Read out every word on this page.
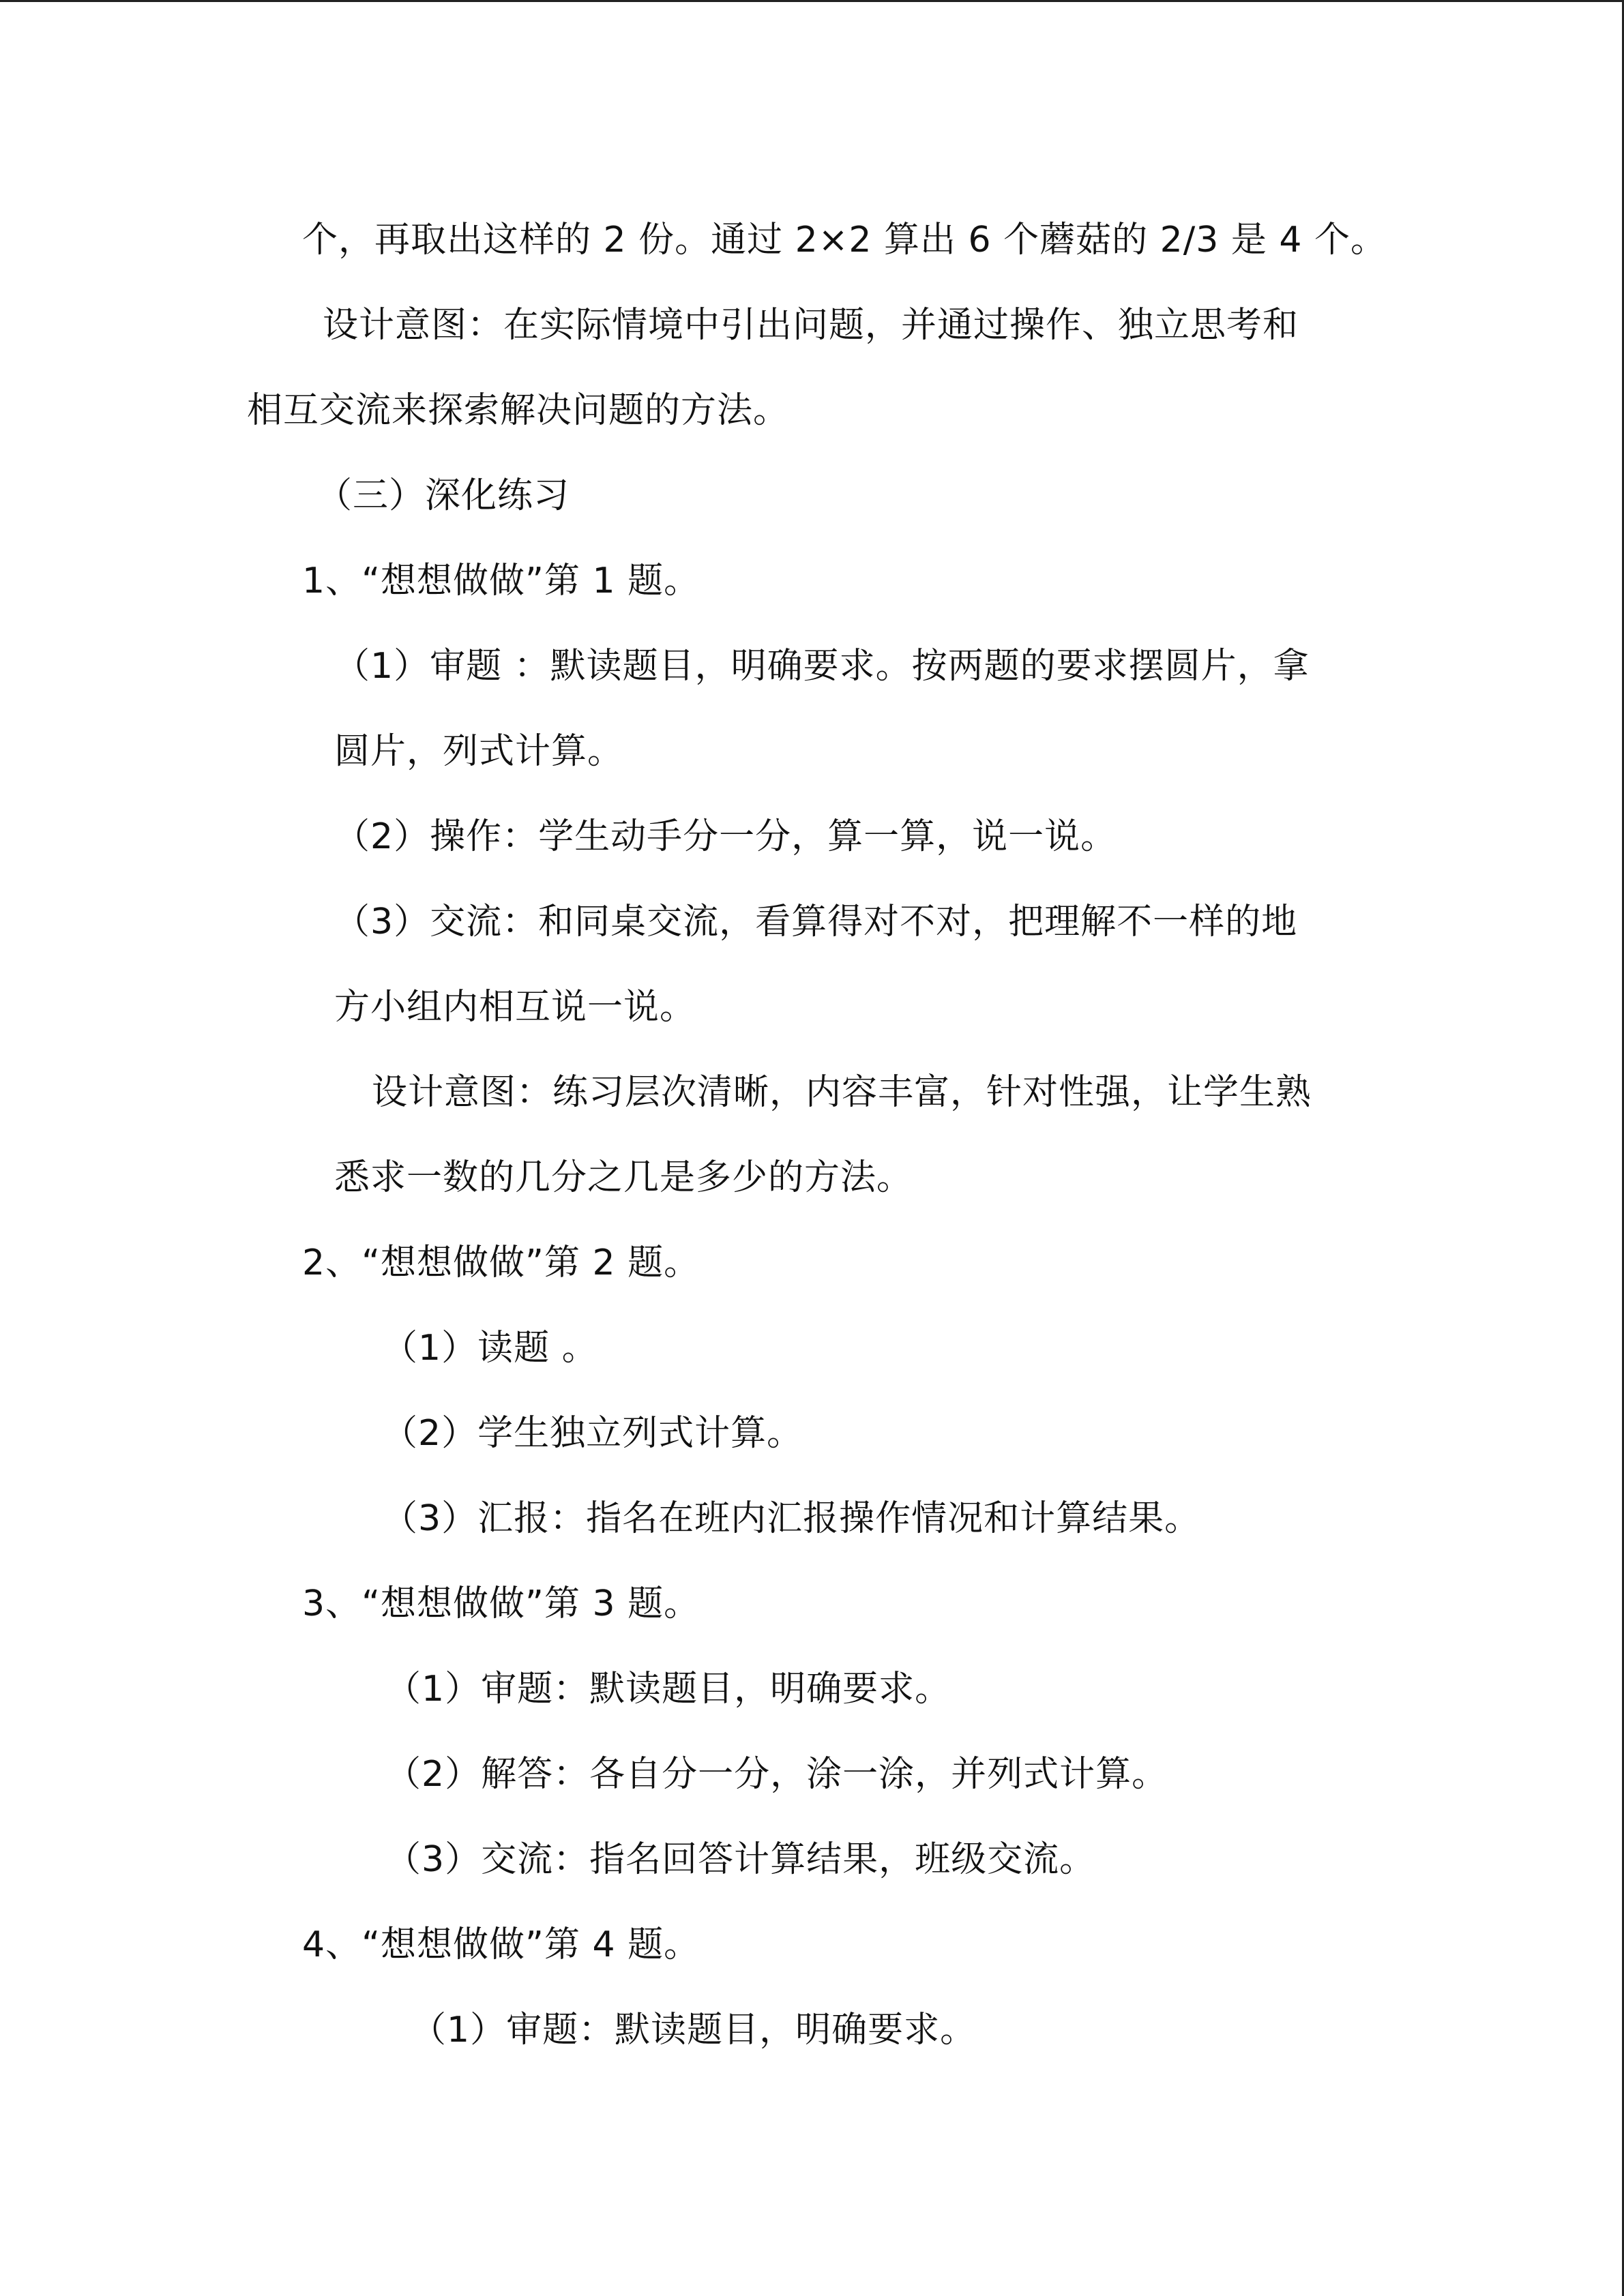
个，再取出这样的 2 份。通过 2×2 算出 6 个蘑菇的 2/3 是 4 个。
设计意图：在实际情境中引出问题，并通过操作、独立思考和
相互交流来探索解决问题的方法。
（三）深化练习
1、“想想做做”第 1 题。
（1）审题 ：默读题目，明确要求。按两题的要求摆圆片，拿
圆片，列式计算。
（2）操作：学生动手分一分，算一算，说一说。
（3）交流：和同桌交流，看算得对不对，把理解不一样的地
方小组内相互说一说。
设计意图：练习层次清晰，内容丰富，针对性强，让学生熟
悉求一数的几分之几是多少的方法。
2、“想想做做”第 2 题。
（1）读题 。
（2）学生独立列式计算。
（3）汇报：指名在班内汇报操作情况和计算结果。
3、“想想做做”第 3 题。
（1）审题：默读题目，明确要求。
（2）解答：各自分一分，涂一涂，并列式计算。
（3）交流：指名回答计算结果，班级交流。
4、“想想做做”第 4 题。
（1）审题：默读题目，明确要求。
